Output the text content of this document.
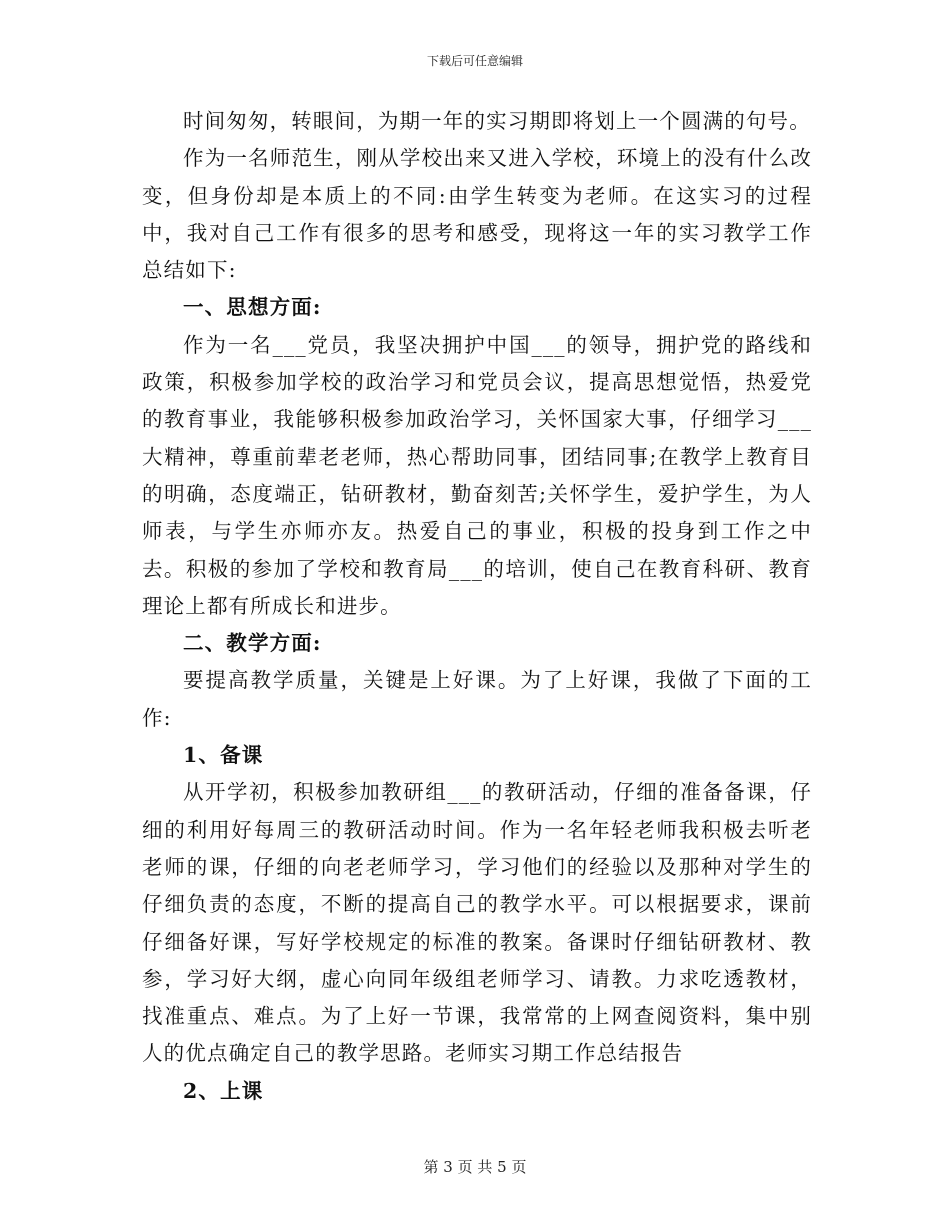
下载后可任意编辑

时间匆匆，转眼间，为期一年的实习期即将划上一个圆满的句号。

作为一名师范生，刚从学校出来又进入学校，环境上的没有什么改变，但身份却是本质上的不同:由学生转变为老师。在这实习的过程中，我对自己工作有很多的思考和感受，现将这一年的实习教学工作总结如下:

一、思想方面:

作为一名___党员，我坚决拥护中国___的领导，拥护党的路线和政策，积极参加学校的政治学习和党员会议，提高思想觉悟，热爱党的教育事业，我能够积极参加政治学习，关怀国家大事，仔细学习___大精神，尊重前辈老老师，热心帮助同事，团结同事;在教学上教育目的明确，态度端正，钻研教材，勤奋刻苦;关怀学生，爱护学生，为人师表，与学生亦师亦友。热爱自己的事业，积极的投身到工作之中去。积极的参加了学校和教育局___的培训，使自己在教育科研、教育理论上都有所成长和进步。

二、教学方面:

要提高教学质量，关键是上好课。为了上好课，我做了下面的工作:

1、备课

从开学初，积极参加教研组___的教研活动，仔细的准备备课，仔细的利用好每周三的教研活动时间。作为一名年轻老师我积极去听老老师的课，仔细的向老老师学习，学习他们的经验以及那种对学生的仔细负责的态度，不断的提高自己的教学水平。可以根据要求，课前仔细备好课，写好学校规定的标准的教案。备课时仔细钻研教材、教参，学习好大纲，虚心向同年级组老师学习、请教。力求吃透教材，找准重点、难点。为了上好一节课，我常常的上网查阅资料，集中别人的优点确定自己的教学思路。老师实习期工作总结报告

2、上课

第 3 页 共 5 页
